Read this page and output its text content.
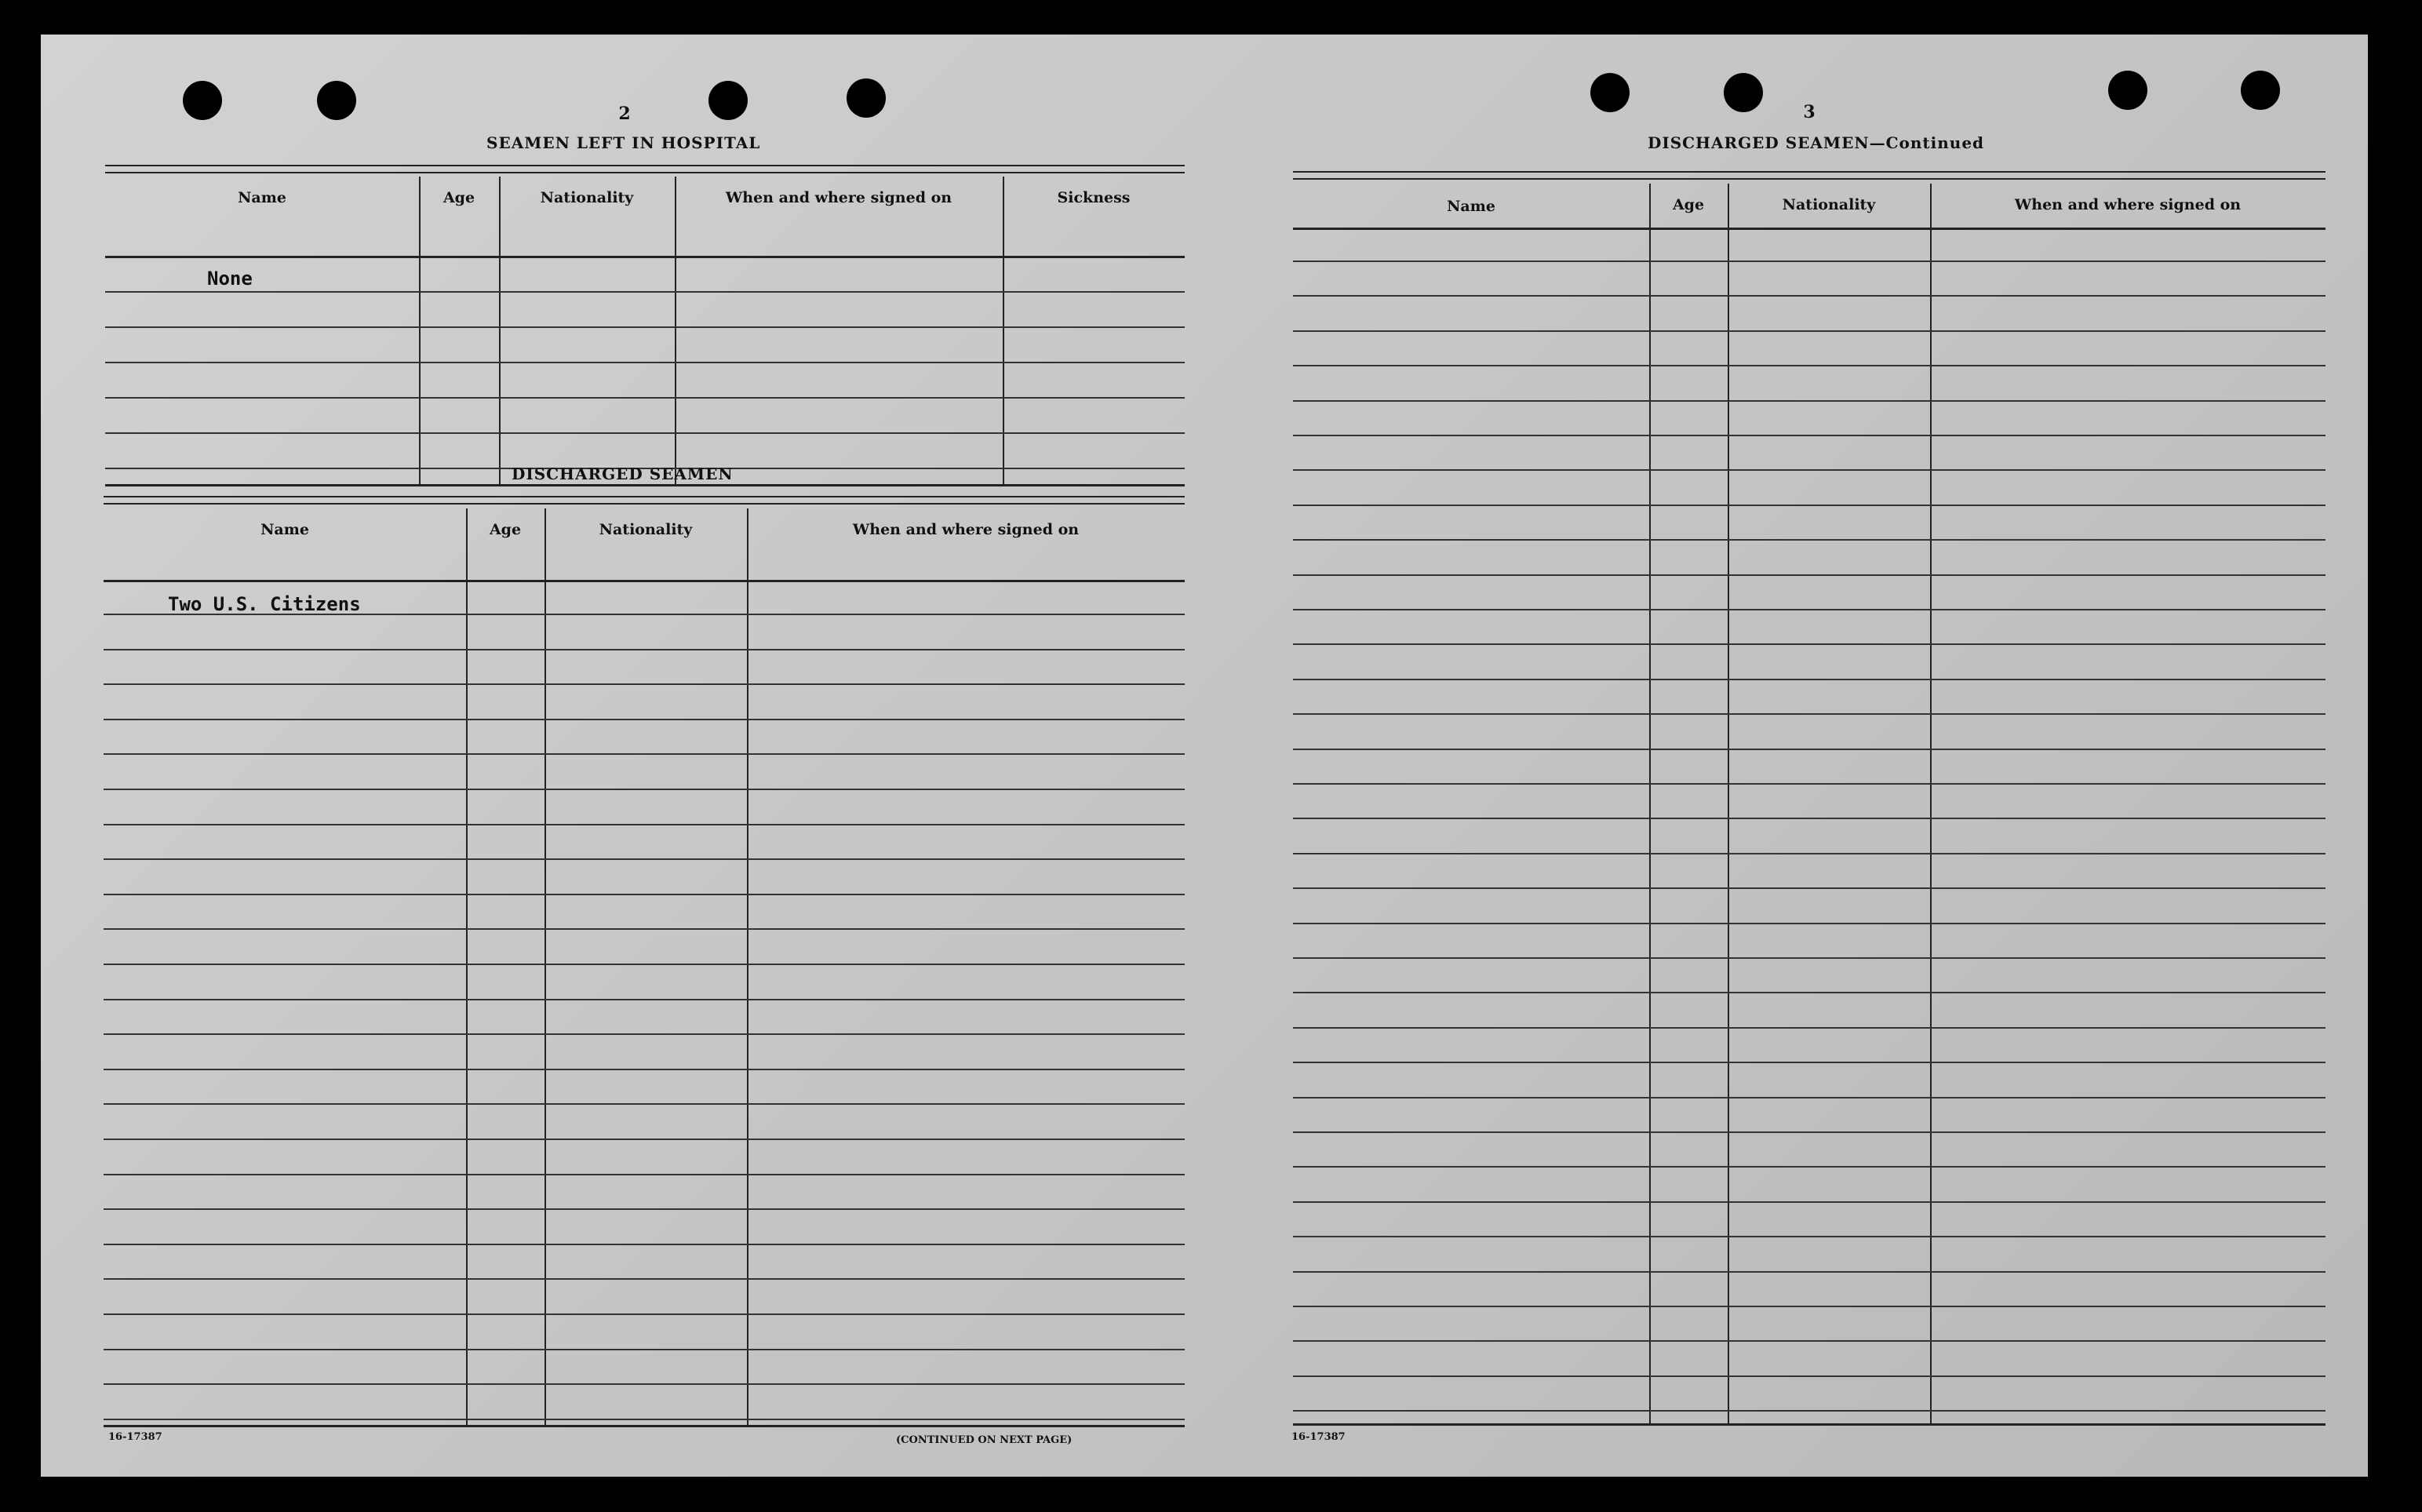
2
SEAMEN LEFT IN HOSPITAL
Name	Age	Nationality	When and where signed on	Sickness
None
DISCHARGED SEAMEN
Name	Age	Nationality	When and where signed on
Two U.S. Citizens
16-17387	(CONTINUED ON NEXT PAGE)
3
DISCHARGED SEAMEN—Continued
Name	Age	Nationality	When and where signed on
16-17387
